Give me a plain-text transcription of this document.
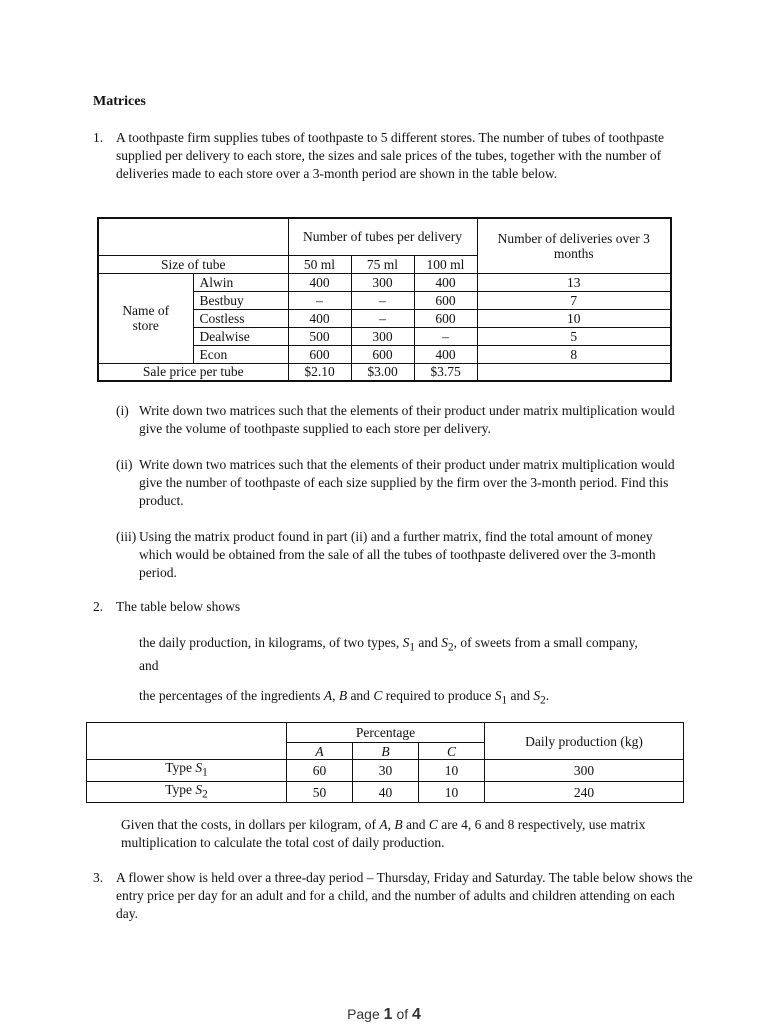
Matrices
1. A toothpaste firm supplies tubes of toothpaste to 5 different stores. The number of tubes of toothpaste supplied per delivery to each store, the sizes and sale prices of the tubes, together with the number of deliveries made to each store over a 3-month period are shown in the table below.

		Number of tubes per delivery			Number of deliveries over 3 months
Size of tube		50 ml	75 ml	100 ml	
Name of store	Alwin	400	300	400	13
	Bestbuy	–	–	600	7
	Costless	400	–	600	10
	Dealwise	500	300	–	5
	Econ	600	600	400	8
Sale price per tube		$2.10	$3.00	$3.75	
(i) Write down two matrices such that the elements of their product under matrix multiplication would give the volume of toothpaste supplied to each store per delivery.

(ii) Write down two matrices such that the elements of their product under matrix multiplication would give the number of toothpaste of each size supplied by the firm over the 3-month period. Find this product.

(iii) Using the matrix product found in part (ii) and a further matrix, find the total amount of money which would be obtained from the sale of all the tubes of toothpaste delivered over the 3-month period.

2. The table below shows

the daily production, in kilograms, of two types, $S_1$ and $S_2$, of sweets from a small company, and

the percentages of the ingredients A, B and C required to produce $S_1$ and $S_2$.

	Percentage			Daily production (kg)
	A	B	C	
Type $S_1$	60	30	10	300
Type $S_2$	50	40	10	240

Given that the costs, in dollars per kilogram, of A, B and C are 4, 6 and 8 respectively, use matrix multiplication to calculate the total cost of daily production.

3. A flower show is held over a three-day period – Thursday, Friday and Saturday. The table below shows the entry price per day for an adult and for a child, and the number of adults and children attending on each day.

Page 1 of 4
